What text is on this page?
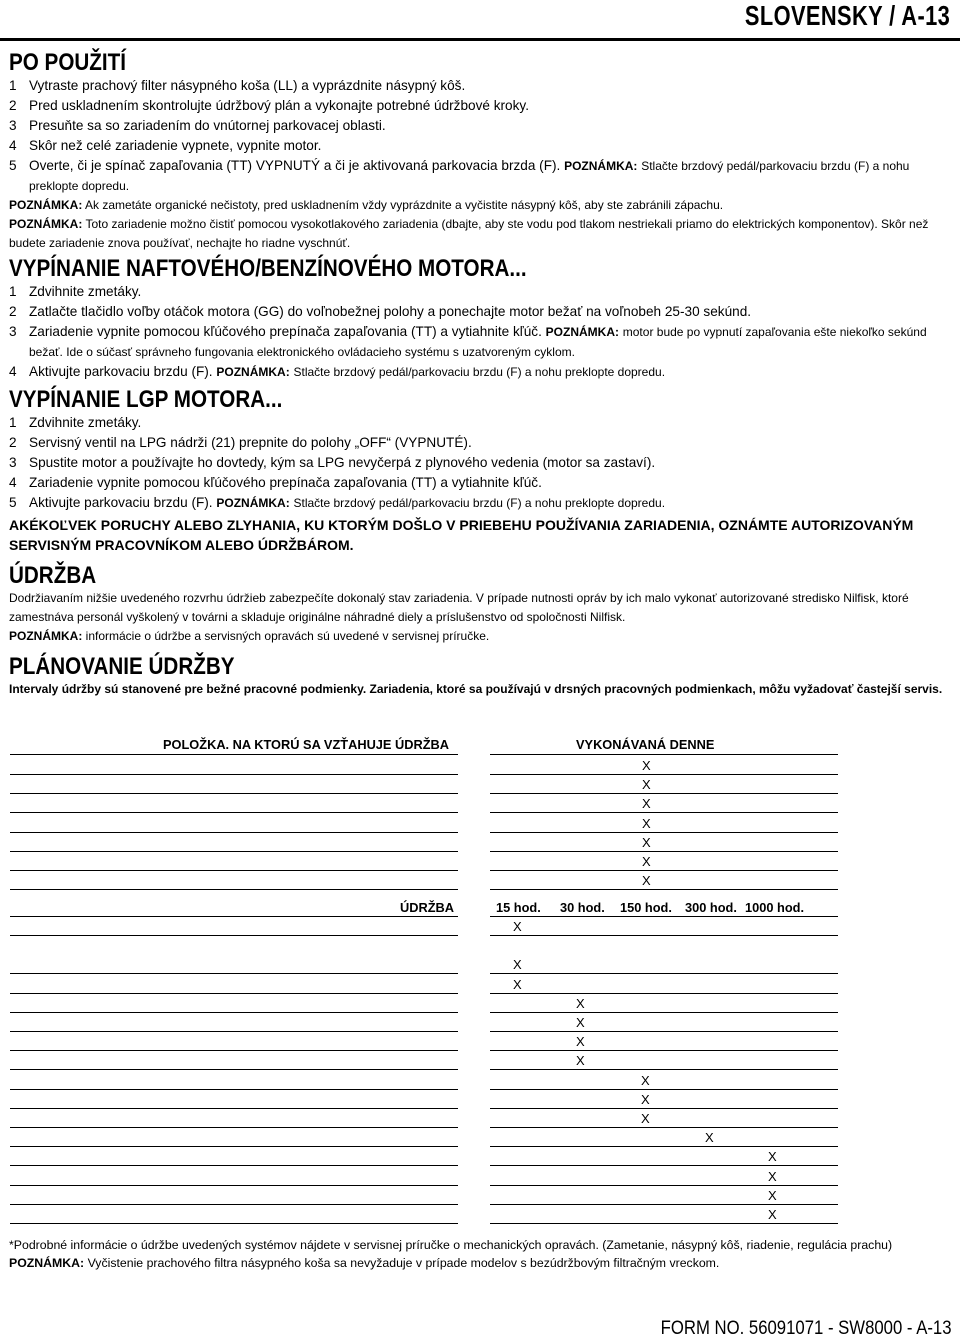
SLOVENSKY / A-13

PO POUŽITÍ

1 Vytraste prachový filter násypného koša (LL) a vyprázdnite násypný kôš.
2 Pred uskladnením skontrolujte údržbový plán a vykonajte potrebné údržbové kroky.
3 Presuňte sa so zariadením do vnútornej parkovacej oblasti.
4 Skôr než celé zariadenie vypnete, vypnite motor.
5 Overte, či je spínač zapaľovania (TT) VYPNUTÝ a či je aktivovaná parkovacia brzda (F). POZNÁMKA: Stlačte brzdový pedál/parkovaciu brzdu (F) a nohu preklopte dopredu.

POZNÁMKA: Ak zametáte organické nečistoty, pred uskladnením vždy vyprázdnite a vyčistite násypný kôš, aby ste zabránili zápachu.

POZNÁMKA: Toto zariadenie možno čistiť pomocou vysokotlakového zariadenia (dbajte, aby ste vodu pod tlakom nestriekali priamo do elektrických komponentov). Skôr než budete zariadenie znova používať, nechajte ho riadne vyschnúť.

VYPÍNANIE NAFTOVÉHO/BENZÍNOVÉHO MOTORA...

1 Zdvihnite zmetáky.
2 Zatlačte tlačidlo voľby otáčok motora (GG) do voľnobežnej polohy a ponechajte motor bežať na voľnobeh 25-30 sekúnd.
3 Zariadenie vypnite pomocou kľúčového prepínača zapaľovania (TT) a vytiahnite kľúč. POZNÁMKA: motor bude po vypnutí zapaľovania ešte niekoľko sekúnd bežať. Ide o súčasť správneho fungovania elektronického ovládacieho systému s uzatvoreným cyklom.
4 Aktivujte parkovaciu brzdu (F). POZNÁMKA: Stlačte brzdový pedál/parkovaciu brzdu (F) a nohu preklopte dopredu.

VYPÍNANIE LGP MOTORA...

1 Zdvihnite zmetáky.
2 Servisný ventil na LPG nádrži (21) prepnite do polohy „OFF“ (VYPNUTÉ).
3 Spustite motor a používajte ho dovtedy, kým sa LPG nevyčerpá z plynového vedenia (motor sa zastaví).
4 Zariadenie vypnite pomocou kľúčového prepínača zapaľovania (TT) a vytiahnite kľúč.
5 Aktivujte parkovaciu brzdu (F). POZNÁMKA: Stlačte brzdový pedál/parkovaciu brzdu (F) a nohu preklopte dopredu.

AKÉKOĽVEK PORUCHY ALEBO ZLYHANIA, KU KTORÝM DOŠLO V PRIEBEHU POUŽÍVANIA ZARIADENIA, OZNÁMTE AUTORIZOVANÝM SERVISNÝM PRACOVNÍKOM ALEBO ÚDRŽBÁROM.

ÚDRŽBA

Dodržiavaním nižšie uvedeného rozvrhu údržieb zabezpečíte dokonalý stav zariadenia. V prípade nutnosti opráv by ich malo vykonať autorizované stredisko Nilfisk, ktoré zamestnáva personál vyškolený v továrni a skladuje originálne náhradné diely a príslušenstvo od spoločnosti Nilfisk.

POZNÁMKA: informácie o údržbe a servisných opravách sú uvedené v servisnej príručke.

PLÁNOVANIE ÚDRŽBY

Intervaly údržby sú stanovené pre bežné pracovné podmienky. Zariadenia, ktoré sa používajú v drsných pracovných podmienkach, môžu vyžadovať častejší servis.

POLOŽKA. NA KTORÚ SA VZŤAHUJE ÚDRŽBA	VYKONÁVANÁ DENNE
X
X
X
X
X
X
X
ÚDRŽBA	15 hod. 30 hod. 150 hod. 300 hod. 1000 hod.
X
X
X
X
X
X
X
X
X
X
X
X
X
X
X
*Podrobné informácie o údržbe uvedených systémov nájdete v servisnej príručke o mechanických opravách. (Zametanie, násypný kôš, riadenie, regulácia prachu) POZNÁMKA: Vyčistenie prachového filtra násypného koša sa nevyžaduje v prípade modelov s bezúdržbovým filtračným vreckom.
FORM NO. 56091071 - SW8000 - A-13
